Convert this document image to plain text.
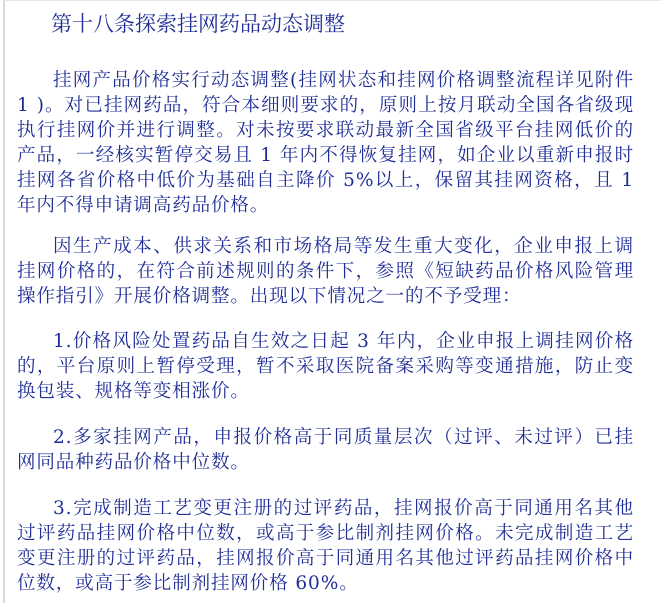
第十八条探索挂网药品动态调整

挂网产品价格实行动态调整(挂网状态和挂网价格调整流程详见附件 1 )。对已挂网药品，符合本细则要求的，原则上按月联动全国各省级现执行挂网价并进行调整。对未按要求联动最新全国省级平台挂网低价的产品，一经核实暂停交易且 1 年内不得恢复挂网，如企业以重新申报时挂网各省价格中低价为基础自主降价 5%以上，保留其挂网资格，且 1 年内不得申请调高药品价格。

因生产成本、供求关系和市场格局等发生重大变化，企业申报上调挂网价格的，在符合前述规则的条件下，参照《短缺药品价格风险管理操作指引》开展价格调整。出现以下情况之一的不予受理：

1.价格风险处置药品自生效之日起 3 年内，企业申报上调挂网价格的，平台原则上暂停受理，暂不采取医院备案采购等变通措施，防止变换包装、规格等变相涨价。

2.多家挂网产品，申报价格高于同质量层次（过评、未过评）已挂网同品种药品价格中位数。

3.完成制造工艺变更注册的过评药品，挂网报价高于同通用名其他过评药品挂网价格中位数，或高于参比制剂挂网价格。未完成制造工艺变更注册的过评药品，挂网报价高于同通用名其他过评药品挂网价格中位数，或高于参比制剂挂网价格 60%。
